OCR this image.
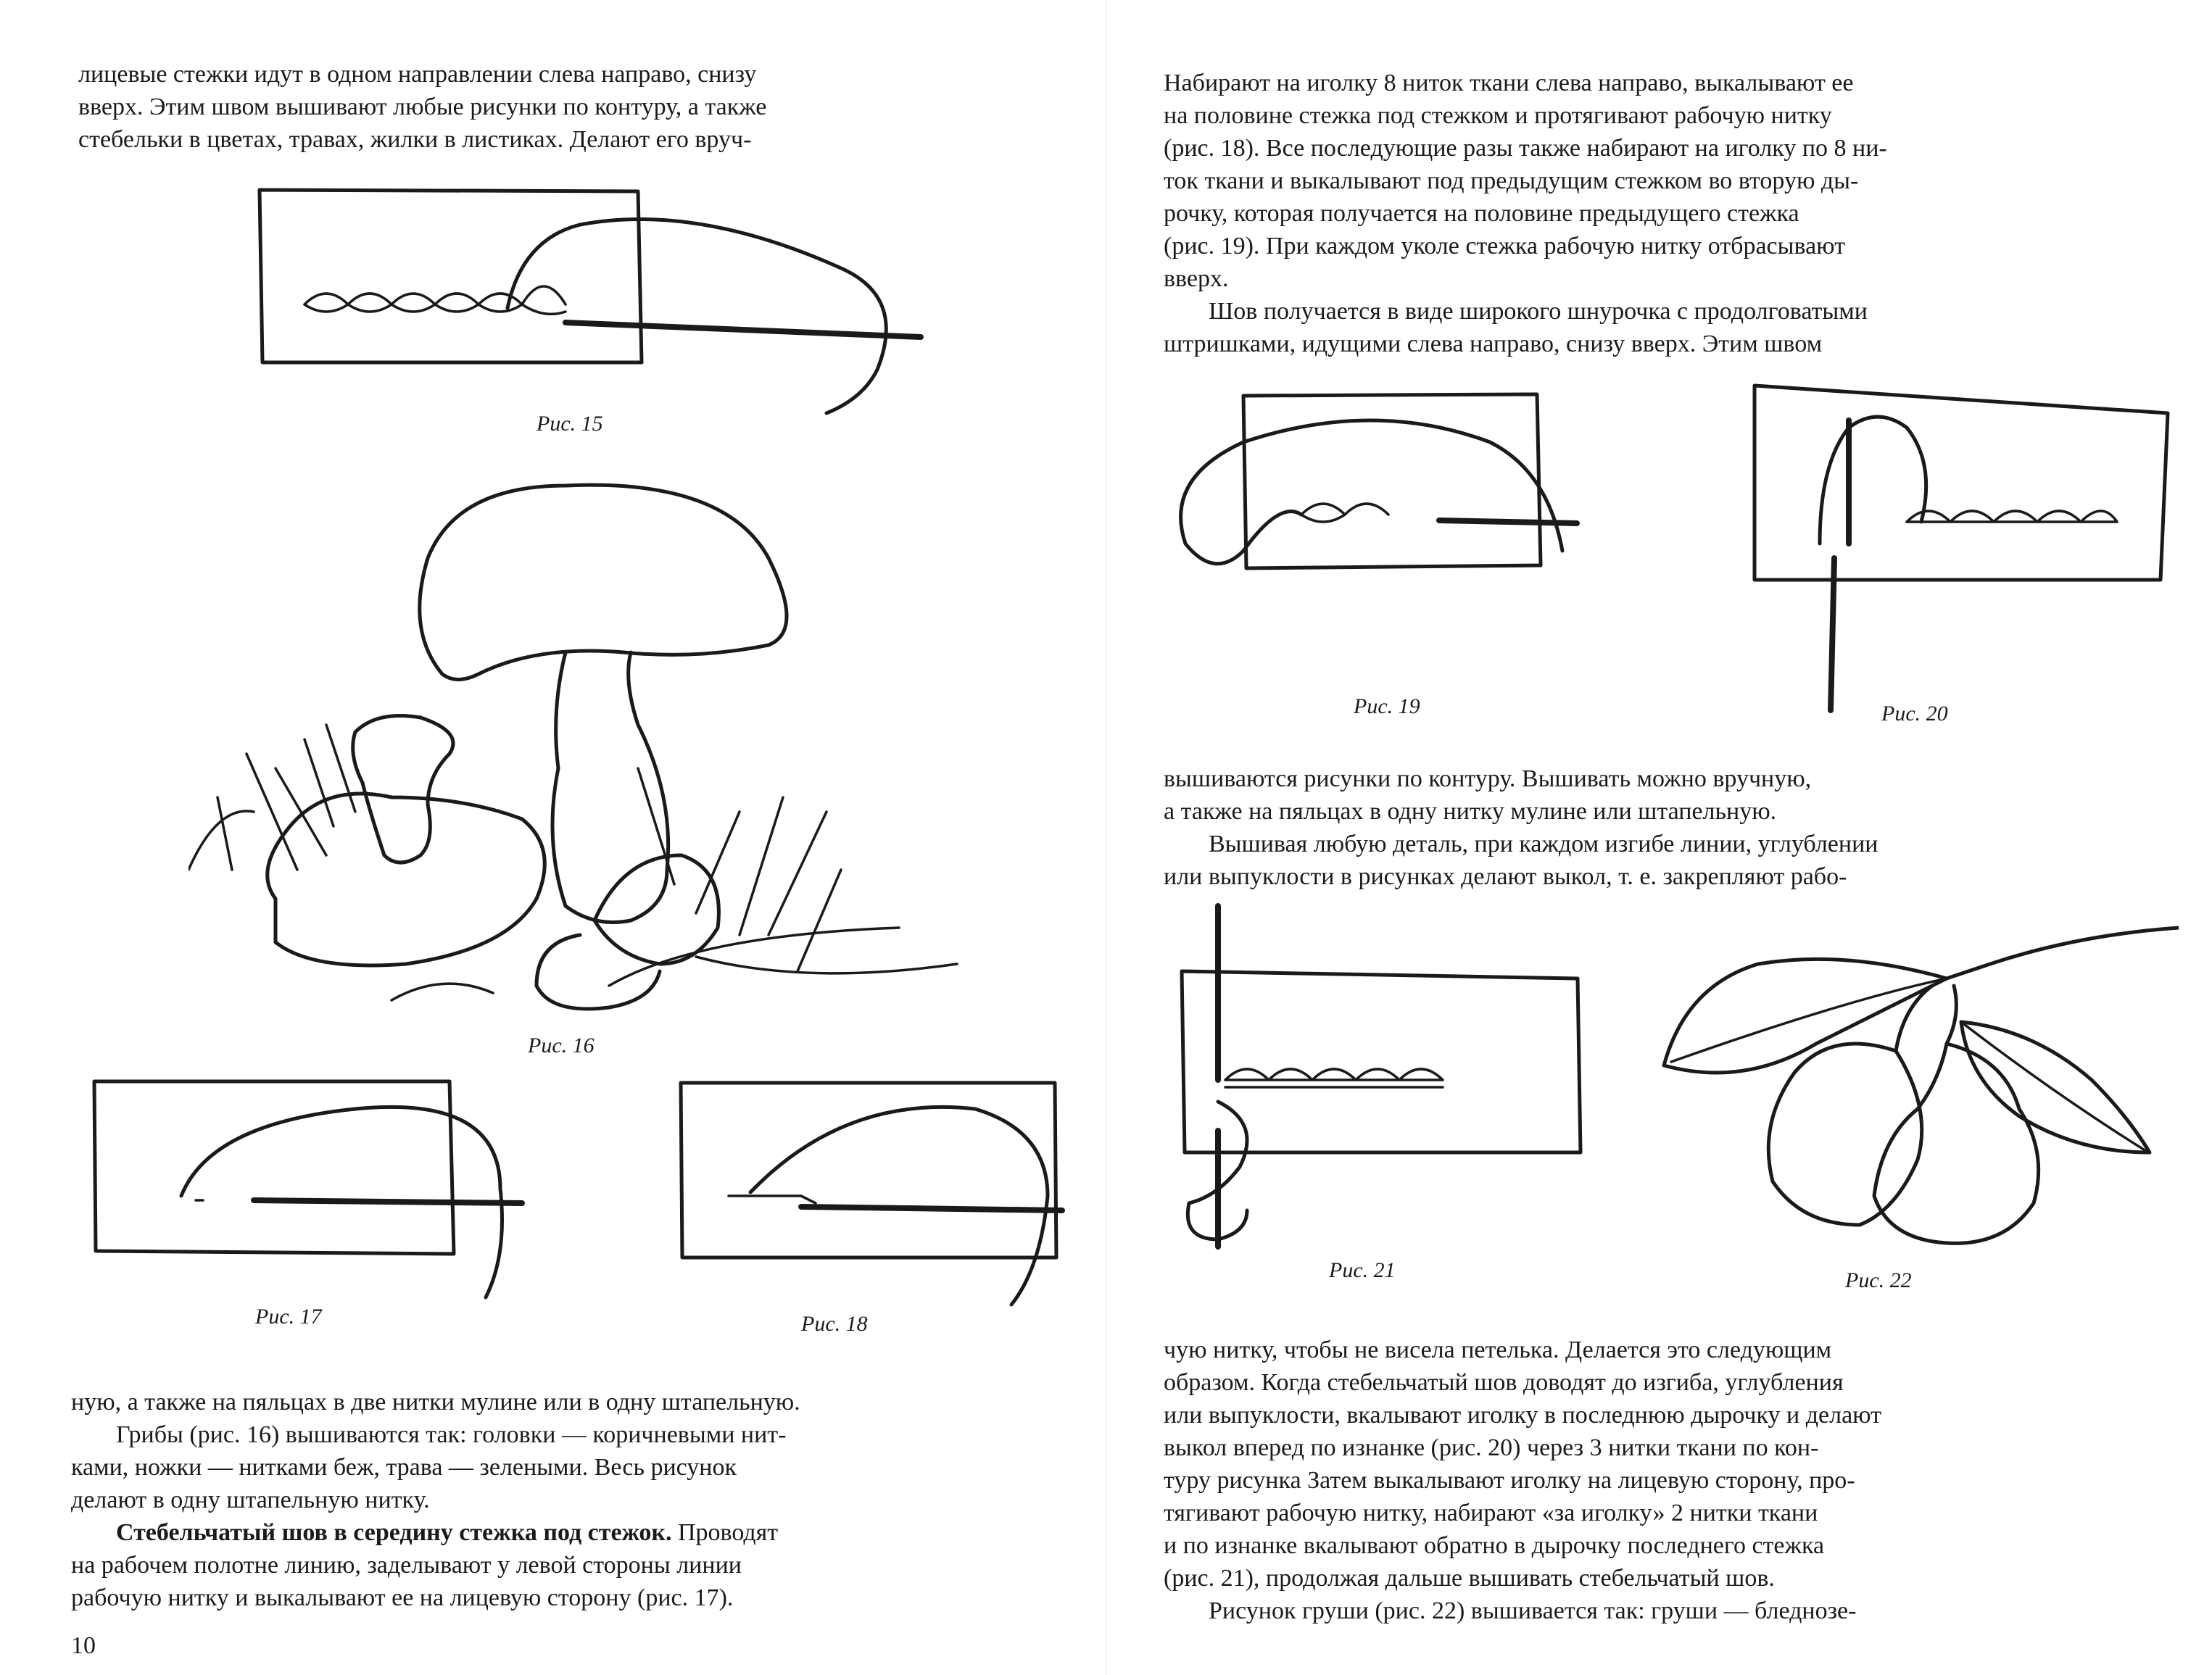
лицевые стежки идут в одном направлении слева направо, снизу
вверх. Этим швом вышивают любые рисунки по контуру, а также
стебельки в цветах, травах, жилки в листиках. Делают его вруч-
Рис. 15
Рис. 16
Рис. 17	Рис. 18
ную, а также на пяльцах в две нитки мулине или в одну штапельную.
Грибы (рис. 16) вышиваются так: головки — коричневыми нит-
ками, ножки — нитками беж, трава — зелеными. Весь рисунок
делают в одну штапельную нитку.
Стебельчатый шов в середину стежка под стежок. Проводят
на рабочем полотне линию, заделывают у левой стороны линии
рабочую нитку и выкалывают ее на лицевую сторону (рис. 17).
10
Набирают на иголку 8 ниток ткани слева направо, выкалывают ее
на половине стежка под стежком и протягивают рабочую нитку
(рис. 18). Все последующие разы также набирают на иголку по 8 ни-
ток ткани и выкалывают под предыдущим стежком во вторую ды-
рочку, которая получается на половине предыдущего стежка
(рис. 19). При каждом уколе стежка рабочую нитку отбрасывают
вверх.
Шов получается в виде широкого шнурочка с продолговатыми
штришками, идущими слева направо, снизу вверх. Этим швом
Рис. 19	Рис. 20
вышиваются рисунки по контуру. Вышивать можно вручную,
а также на пяльцах в одну нитку мулине или штапельную.
Вышивая любую деталь, при каждом изгибе линии, углублении
или выпуклости в рисунках делают выкол, т. е. закрепляют рабо-
Рис. 21	Рис. 22
чую нитку, чтобы не висела петелька. Делается это следующим
образом. Когда стебельчатый шов доводят до изгиба, углубления
или выпуклости, вкалывают иголку в последнюю дырочку и делают
выкол вперед по изнанке (рис. 20) через 3 нитки ткани по кон-
туру рисунка Затем выкалывают иголку на лицевую сторону, про-
тягивают рабочую нитку, набирают «за иголку» 2 нитки ткани
и по изнанке вкалывают обратно в дырочку последнего стежка
(рис. 21), продолжая дальше вышивать стебельчатый шов.
Рисунок груши (рис. 22) вышивается так: груши — бледнозе-
